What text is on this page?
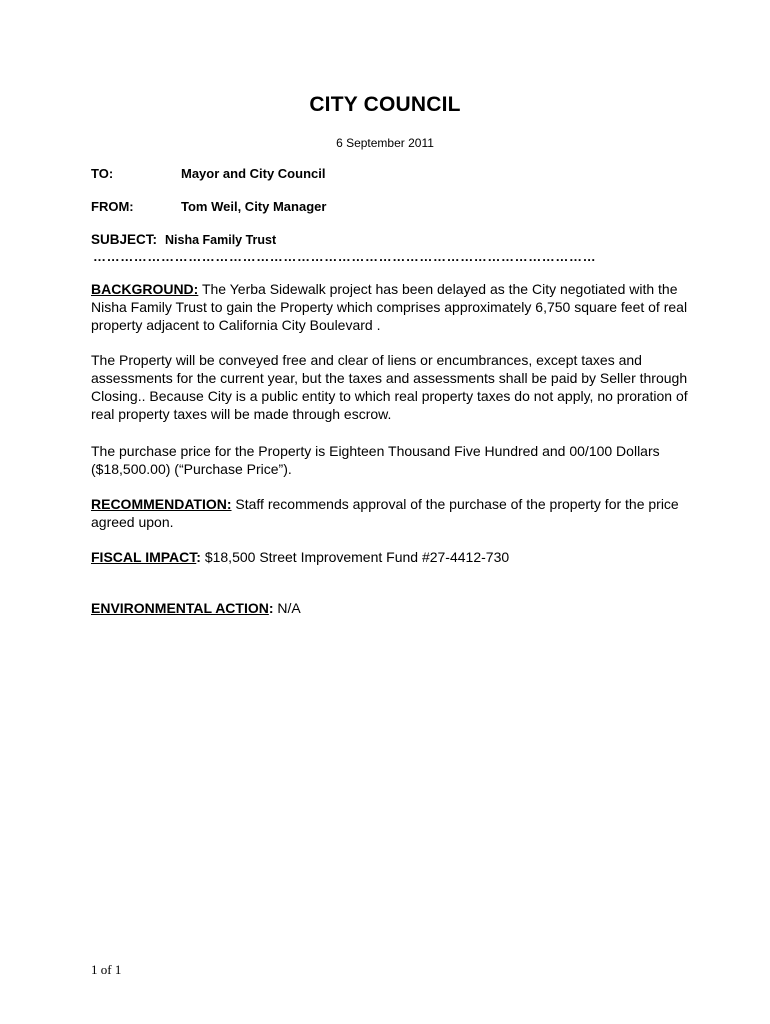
CITY COUNCIL
6 September 2011
TO:	Mayor and City Council
FROM:	Tom Weil, City Manager
SUBJECT: Nisha Family Trust
…………………………………………………………………………………………………
BACKGROUND: The Yerba Sidewalk project has been delayed as the City negotiated with the Nisha Family Trust to gain the Property which comprises approximately 6,750 square feet of real property adjacent to California City Boulevard .
The Property will be conveyed free and clear of liens or encumbrances, except taxes and assessments for the current year, but the taxes and assessments shall be paid by Seller through Closing.. Because City is a public entity to which real property taxes do not apply, no proration of real property taxes will be made through escrow.
The purchase price for the Property is Eighteen Thousand Five Hundred and 00/100 Dollars ($18,500.00) (“Purchase Price”).
RECOMMENDATION: Staff recommends approval of the purchase of the property for the price agreed upon.
FISCAL IMPACT: $18,500 Street Improvement Fund #27-4412-730
ENVIRONMENTAL ACTION: N/A
1 of 1
